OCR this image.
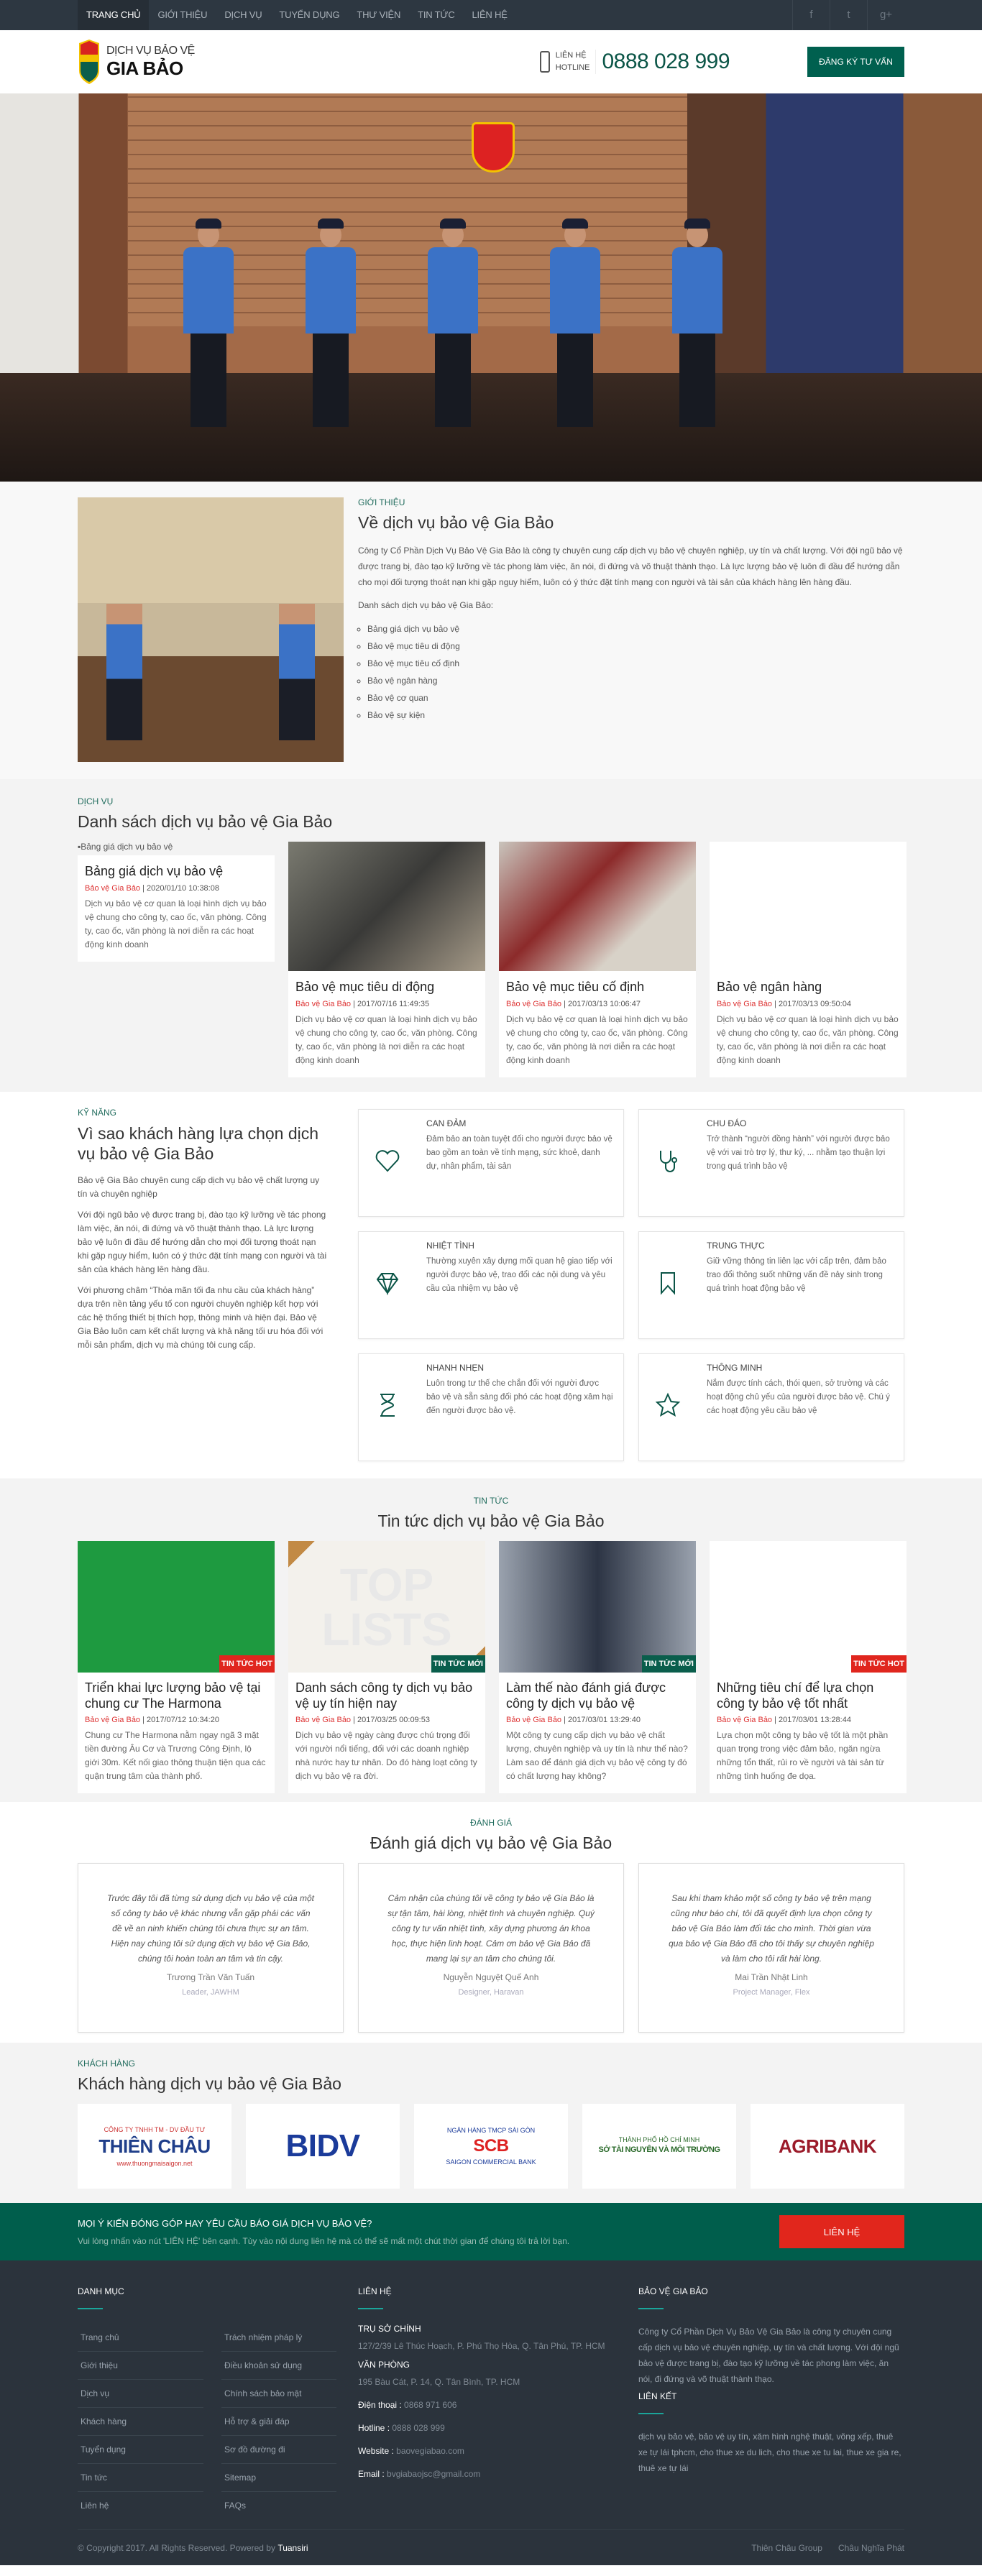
TRANG CHỦ	GIỚI THIỆU	DỊCH VỤ	TUYỂN DỤNG	THƯ VIỆN	TIN TỨC	LIÊN HỆ	f	t	g+
DỊCH VỤ BẢO VỆ
GIA BẢO
LIÊN HỆ
HOTLINE 0888 028 999	ĐĂNG KÝ TƯ VẤN
GIỚI THIỆU
Về dịch vụ bảo vệ Gia Bảo

Công ty Cổ Phần Dịch Vụ Bảo Vệ Gia Bảo là công ty chuyên cung cấp dịch vụ bảo vệ chuyên nghiệp, uy tín và chất lượng. Với đội ngũ bảo vệ được trang bị, đào tạo kỹ lưỡng về tác phong làm việc, ăn nói, đi đứng và võ thuật thành thạo. Là lực lượng bảo vệ luôn đi đầu để hướng dẫn cho mọi đối tượng thoát nạn khi gặp nguy hiểm, luôn có ý thức đặt tính mạng con người và tài sản của khách hàng lên hàng đầu.

Danh sách dịch vụ bảo vệ Gia Bảo:

◦ Bảng giá dịch vụ bảo vệ
◦ Bảo vệ mục tiêu di động
◦ Bảo vệ mục tiêu cố định
◦ Bảo vệ ngân hàng
◦ Bảo vệ cơ quan
◦ Bảo vệ sự kiện
DỊCH VỤ
Danh sách dịch vụ bảo vệ Gia Bảo
▪Bảng giá dịch vụ bảo vệ
Bảng giá dịch vụ bảo vệ
Bảo vệ Gia Bảo | 2020/01/10 10:38:08
Dịch vụ bảo vệ cơ quan là loại hình dịch vụ bảo vệ chung cho công ty, cao ốc, văn phòng. Công ty, cao ốc, văn phòng là nơi diễn ra các hoạt động kinh doanh
Bảo vệ mục tiêu di động
Bảo vệ Gia Bảo | 2017/07/16 11:49:35
Dịch vụ bảo vệ cơ quan là loại hình dịch vụ bảo vệ chung cho công ty, cao ốc, văn phòng. Công ty, cao ốc, văn phòng là nơi diễn ra các hoạt động kinh doanh
Bảo vệ mục tiêu cố định
Bảo vệ Gia Bảo | 2017/03/13 10:06:47
Dịch vụ bảo vệ cơ quan là loại hình dịch vụ bảo vệ chung cho công ty, cao ốc, văn phòng. Công ty, cao ốc, văn phòng là nơi diễn ra các hoạt động kinh doanh
Bảo vệ ngân hàng
Bảo vệ Gia Bảo | 2017/03/13 09:50:04
Dịch vụ bảo vệ cơ quan là loại hình dịch vụ bảo vệ chung cho công ty, cao ốc, văn phòng. Công ty, cao ốc, văn phòng là nơi diễn ra các hoạt động kinh doanh
KỸ NĂNG
Vì sao khách hàng lựa chọn dịch vụ bảo vệ Gia Bảo

Bảo vệ Gia Bảo chuyên cung cấp dịch vụ bảo vệ chất lượng uy tín và chuyên nghiệp

Với đội ngũ bảo vệ được trang bị, đào tạo kỹ lưỡng về tác phong làm việc, ăn nói, đi đứng và võ thuật thành thạo. Là lực lượng bảo vệ luôn đi đầu để hướng dẫn cho mọi đối tượng thoát nạn khi gặp nguy hiểm, luôn có ý thức đặt tính mạng con người và tài sản của khách hàng lên hàng đầu.

Với phương châm “Thỏa mãn tối đa nhu cầu của khách hàng” dựa trên nền tảng yếu tố con người chuyên nghiệp kết hợp với các hệ thống thiết bị thích hợp, thông minh và hiện đại. Bảo vệ Gia Bảo luôn cam kết chất lượng và khả năng tối ưu hóa đối với mỗi sản phẩm, dịch vụ mà chúng tôi cung cấp.

CAN ĐẢM

Đảm bảo an toàn tuyệt đối cho người được bảo vệ bao gồm an toàn về tính mạng, sức khoẻ, danh dự, nhân phẩm, tài sản

CHU ĐÁO

Trở thành “người đồng hành” với người được bảo vệ với vai trò trợ lý, thư ký, ... nhằm tạo thuận lợi trong quá trình bảo vệ

NHIỆT TÌNH

Thường xuyên xây dựng mối quan hệ giao tiếp với người được bảo vệ, trao đổi các nội dung và yêu cầu của nhiệm vụ bảo vệ

TRUNG THỰC

Giữ vững thông tin liên lạc với cấp trên, đảm bảo trao đổi thông suốt những vấn đề nảy sinh trong quá trình hoạt động bảo vệ

NHANH NHẸN

Luôn trong tư thế che chắn đối với người được bảo vệ và sẵn sàng đối phó các hoạt động xâm hại đến người được bảo vệ.

THÔNG MINH

Nắm được tính cách, thói quen, sở trường và các hoạt động chủ yếu của người được bảo vệ. Chú ý các hoạt động yêu cầu bảo vệ

TIN TỨC
Tin tức dịch vụ bảo vệ Gia Bảo
TIN TỨC HOT
Triển khai lực lượng bảo vệ tại chung cư The Harmona
Bảo vệ Gia Bảo | 2017/07/12 10:34:20
Chung cư The Harmona nằm ngay ngã 3 mặt tiền đường Âu Cơ và Trương Công Định, lộ giới 30m. Kết nối giao thông thuận tiện qua các quận trung tâm của thành phố.
TOP
LISTS
TIN TỨC MỚI
Danh sách công ty dịch vụ bảo vệ uy tín hiện nay
Bảo vệ Gia Bảo | 2017/03/25 00:09:53
Dịch vụ bảo vệ ngày càng được chú trọng đối với người nổi tiếng, đối với các doanh nghiệp nhà nước hay tư nhân. Do đó hàng loạt công ty dịch vụ bảo vệ ra đời.
TIN TỨC MỚI
Làm thế nào đánh giá được công ty dịch vụ bảo vệ
Bảo vệ Gia Bảo | 2017/03/01 13:29:40
Một công ty cung cấp dịch vụ bảo vệ chất lượng, chuyên nghiệp và uy tín là như thế nào? Làm sao để đánh giá dịch vụ bảo vệ công ty đó có chất lượng hay không?
TIN TỨC HOT
Những tiêu chí để lựa chọn công ty bảo vệ tốt nhất
Bảo vệ Gia Bảo | 2017/03/01 13:28:44
Lựa chọn một công ty bảo vệ tốt là một phần quan trọng trong việc đảm bảo, ngăn ngừa những tổn thất, rủi ro về người và tài sản từ những tình huống đe dọa.
ĐÁNH GIÁ
Đánh giá dịch vụ bảo vệ Gia Bảo
Trước đây tôi đã từng sử dụng dịch vụ bảo vệ của một số công ty bảo vệ khác nhưng vẫn gặp phải các vấn đề về an ninh khiến chúng tôi chưa thực sự an tâm. Hiện nay chúng tôi sử dụng dịch vụ bảo vệ Gia Bảo, chúng tôi hoàn toàn an tâm và tin cậy.
Trương Trần Văn Tuấn
Leader, JAWHM
Cảm nhận của chúng tôi về công ty bảo vệ Gia Bảo là sự tận tâm, hài lòng, nhiệt tình và chuyên nghiệp. Quý công ty tư vấn nhiệt tình, xây dựng phương án khoa học, thực hiện linh hoạt. Cảm ơn bảo vệ Gia Bảo đã mang lại sự an tâm cho chúng tôi.
Nguyễn Nguyệt Quế Anh
Designer, Haravan
Sau khi tham khảo một số công ty bảo vệ trên mạng cũng như báo chí, tôi đã quyết định lựa chọn công ty bảo vệ Gia Bảo làm đối tác cho mình. Thời gian vừa qua bảo vệ Gia Bảo đã cho tôi thấy sự chuyên nghiệp và làm cho tôi rất hài lòng.
Mai Trần Nhật Linh
Project Manager, Flex
KHÁCH HÀNG
Khách hàng dịch vụ bảo vệ Gia Bảo
CÔNG TY TNHH TM - DV ĐẦU TƯ
THIÊN CHÂU
www.thuongmaisaigon.net	BIDV	NGÂN HÀNG TMCP SÀI GÒN
SCB
SAIGON COMMERCIAL BANK
THÀNH PHỐ HỒ CHÍ MINH
SỞ TÀI NGUYÊN VÀ MÔI TRƯỜNG	AGRIBANK
MỌI Ý KIẾN ĐÓNG GÓP HAY YÊU CẦU BÁO GIÁ DỊCH VỤ BẢO VỆ?

Vui lòng nhấn vào nút 'LIÊN HỆ' bên cạnh. Tùy vào nội dung liên hệ mà có thể sẽ mất một chút thời gian để chúng tôi trả lời bạn.

LIÊN HỆ
DANH MỤC
Trang chủ	Trách nhiệm pháp lý
Giới thiệu	Điều khoản sử dụng
Dịch vụ	Chính sách bảo mật
Khách hàng	Hỗ trợ & giải đáp
Tuyển dụng	Sơ đồ đường đi
Tin tức	Sitemap
Liên hệ	FAQs
LIÊN HỆ
TRỤ SỞ CHÍNH
127/2/39 Lê Thúc Hoạch, P. Phú Thọ Hòa, Q. Tân Phú, TP. HCM
VĂN PHÒNG
195 Bàu Cát, P. 14, Q. Tân Bình, TP. HCM
Điện thoại : 0868 971 606
Hotline : 0888 028 999
Website : baovegiabao.com
Email : bvgiabaojsc@gmail.com
BẢO VỆ GIA BẢO

Công ty Cổ Phần Dịch Vụ Bảo Vệ Gia Bảo là công ty chuyên cung cấp dịch vụ bảo vệ chuyên nghiệp, uy tín và chất lượng. Với đội ngũ bảo vệ được trang bị, đào tạo kỹ lưỡng về tác phong làm việc, ăn nói, đi đứng và võ thuật thành thạo.

LIÊN KẾT

dịch vụ bảo vệ, bảo vệ uy tín, xăm hình nghệ thuật, võng xếp, thuê xe tự lái tphcm, cho thue xe du lich, cho thue xe tu lai, thue xe gia re, thuê xe tự lái

© Copyright 2017. All Rights Reserved. Powered by
Tuansiri	Thiên Châu Group Châu Nghĩa Phát
